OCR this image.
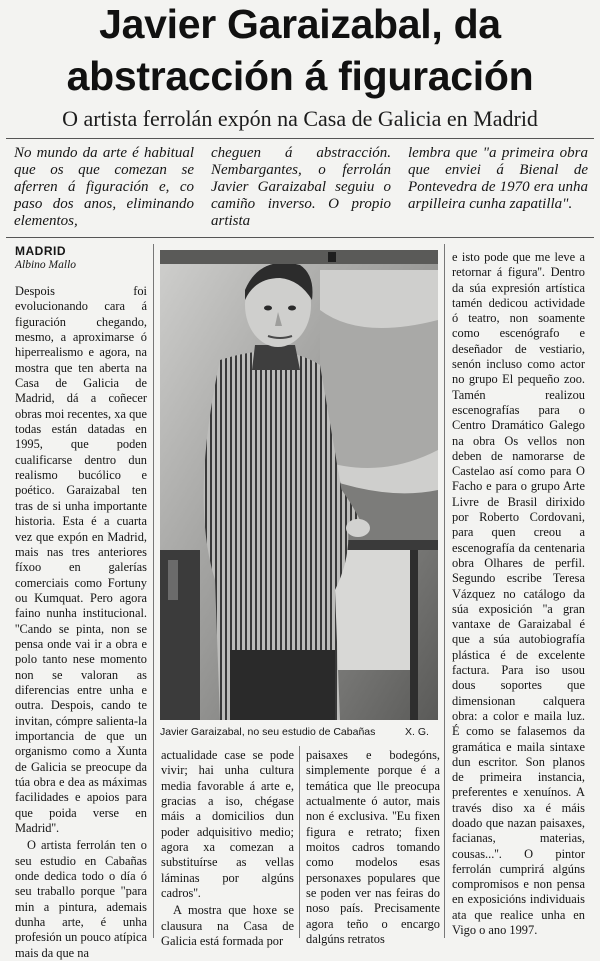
Javier Garaizabal, da
abstracción á figuración
O artista ferrolán expón na Casa de Galicia en Madrid
No mundo da arte é habitual que os que comezan se aferren á figuración e, co paso dos anos, eliminando elementos,
cheguen á abstracción. Nembargantes, o ferrolán Javier Garaizabal seguiu o camiño inverso. O propio artista
lembra que "a primeira obra que enviei á Bienal de Pontevedra de 1970 era unha arpilleira cunha zapatilla".
MADRID
Albino Mallo

Despois foi evolucionando cara á figuración chegando, mesmo, a aproximarse ó hiperrealismo e agora, na mostra que ten aberta na Casa de Galicia de Madrid, dá a coñecer obras moi recentes, xa que todas están datadas en 1995, que poden cualificarse dentro dun realismo bucólico e poético. Garaizabal ten tras de si unha importante historia. Esta é a cuarta vez que expón en Madrid, mais nas tres anteriores fíxoo en galerías comerciais como Fortuny ou Kumquat. Pero agora faino nunha institucional. ''Cando se pinta, non se pensa onde vai ir a obra e polo tanto nese momento non se valoran as diferencias entre unha e outra. Despois, cando te invitan, cómpre salienta-la importancia de que un organismo como a Xunta de Galicia se preocupe da túa obra e dea as máximas facilidades e apoios para que poida verse en Madrid''.

O artista ferrolán ten o seu estudio en Cabañas onde dedica todo o día ó seu traballo porque "para min a pintura, ademais dunha arte, é unha profesión un pouco atípica mais da que na

Javier Garaizabal, no seu estudio de Cabañas	X. G.

actualidade case se pode vivir; hai unha cultura media favorable á arte e, gracias a iso, chégase máis a domicilios dun poder adquisitivo medio; agora xa comezan a substituírse as vellas láminas por algúns cadros''.

A mostra que hoxe se clausura na Casa de Galicia está formada por

paisaxes e bodegóns, simplemente porque é a temática que lle preocupa actualmente ó autor, mais non é exclusiva. ''Eu fixen figura e retrato; fixen moitos cadros tomando como modelos esas personaxes populares que se poden ver nas feiras do noso país. Precisamente agora teño o encargo dalgúns retratos

e isto pode que me leve a retornar á figura''. Dentro da súa expresión artística tamén dedicou actividade ó teatro, non soamente como escenógrafo e deseñador de vestiario, senón incluso como actor no grupo El pequeño zoo. Tamén realizou escenografías para o Centro Dramático Galego na obra Os vellos non deben de namorarse de Castelao así como para O Facho e para o grupo Arte Livre de Brasil dirixido por Roberto Cordovani, para quen creou a escenografía da centenaria obra Olhares de perfil. Segundo escribe Teresa Vázquez no catálogo da súa exposición ''a gran vantaxe de Garaizabal é que a súa autobiografía plástica é de excelente factura. Para iso usou dous soportes que dimensionan calquera obra: a color e maila luz. É como se falasemos da gramática e maila sintaxe dun escritor. Son planos de primeira instancia, preferentes e xenuínos. A través diso xa é máis doado que nazan paisaxes, facianas, materias, cousas...''. O pintor ferrolán cumprirá algúns compromisos e non pensa en exposicións individuais ata que realice unha en Vigo o ano 1997.
